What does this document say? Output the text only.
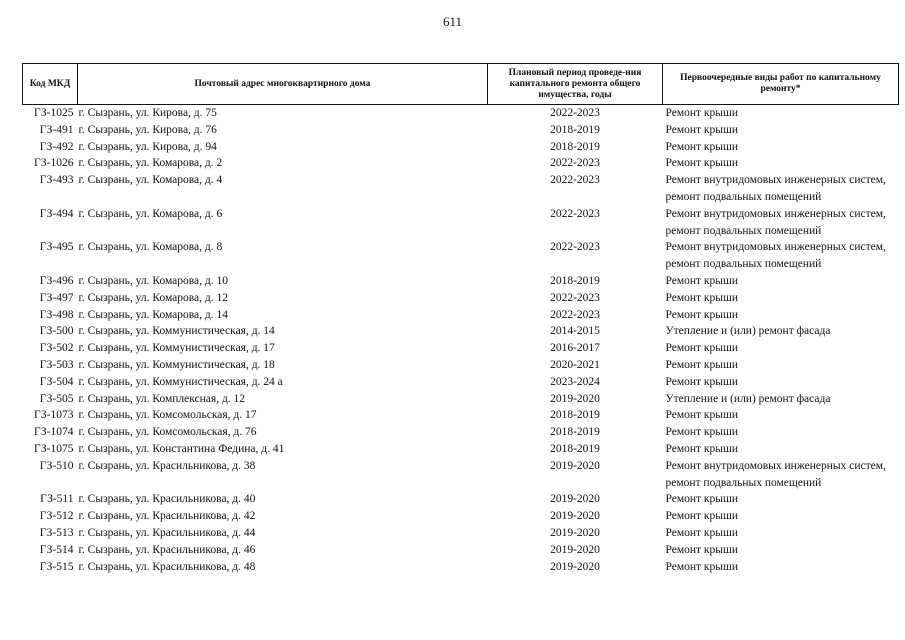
611
Код МКД	Почтовый адрес многоквартирного дома	Плановый период проведе-ния капитального ремонта общего имущества, годы	Первоочередные виды работ по капитальному ремонту*
ГЗ-1025	г. Сызрань, ул. Кирова, д. 75	2022-2023	Ремонт крыши
ГЗ-491	г. Сызрань, ул. Кирова, д. 76	2018-2019	Ремонт крыши
ГЗ-492	г. Сызрань, ул. Кирова, д. 94	2018-2019	Ремонт крыши
ГЗ-1026	г. Сызрань, ул. Комарова, д. 2	2022-2023	Ремонт крыши
ГЗ-493	г. Сызрань, ул. Комарова, д. 4	2022-2023	Ремонт внутридомовых инженерных систем, ремонт подвальных помещений
ГЗ-494	г. Сызрань, ул. Комарова, д. 6	2022-2023	Ремонт внутридомовых инженерных систем, ремонт подвальных помещений
ГЗ-495	г. Сызрань, ул. Комарова, д. 8	2022-2023	Ремонт внутридомовых инженерных систем, ремонт подвальных помещений
ГЗ-496	г. Сызрань, ул. Комарова, д. 10	2018-2019	Ремонт крыши
ГЗ-497	г. Сызрань, ул. Комарова, д. 12	2022-2023	Ремонт крыши
ГЗ-498	г. Сызрань, ул. Комарова, д. 14	2022-2023	Ремонт крыши
ГЗ-500	г. Сызрань, ул. Коммунистическая, д. 14	2014-2015	Утепление и (или) ремонт фасада
ГЗ-502	г. Сызрань, ул. Коммунистическая, д. 17	2016-2017	Ремонт крыши
ГЗ-503	г. Сызрань, ул. Коммунистическая, д. 18	2020-2021	Ремонт крыши
ГЗ-504	г. Сызрань, ул. Коммунистическая, д. 24 а	2023-2024	Ремонт крыши
ГЗ-505	г. Сызрань, ул. Комплексная, д. 12	2019-2020	Утепление и (или) ремонт фасада
ГЗ-1073	г. Сызрань, ул. Комсомольская, д. 17	2018-2019	Ремонт крыши
ГЗ-1074	г. Сызрань, ул. Комсомольская, д. 76	2018-2019	Ремонт крыши
ГЗ-1075	г. Сызрань, ул. Константина Федина, д. 41	2018-2019	Ремонт крыши
ГЗ-510	г. Сызрань, ул. Красильникова, д. 38	2019-2020	Ремонт внутридомовых инженерных систем, ремонт подвальных помещений
ГЗ-511	г. Сызрань, ул. Красильникова, д. 40	2019-2020	Ремонт крыши
ГЗ-512	г. Сызрань, ул. Красильникова, д. 42	2019-2020	Ремонт крыши
ГЗ-513	г. Сызрань, ул. Красильникова, д. 44	2019-2020	Ремонт крыши
ГЗ-514	г. Сызрань, ул. Красильникова, д. 46	2019-2020	Ремонт крыши
ГЗ-515	г. Сызрань, ул. Красильникова, д. 48	2019-2020	Ремонт крыши
